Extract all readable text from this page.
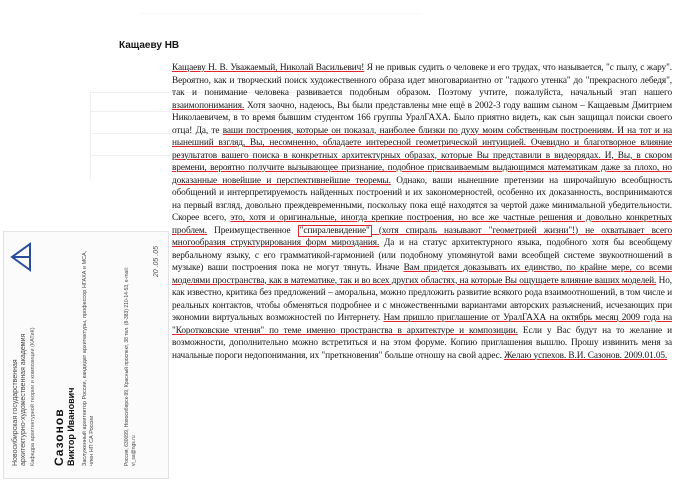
……………………………………………………………………………………………………………………………
Кащаеву НВ

Кащаеву Н. В. Уважаемый, Николай Васильевич! Я не привык судить о человеке и его трудах, что называется, "с пылу, с жару". Вероятно, как и творческий поиск художественного образа идет многовариантно от "гадкого утенка" до "прекрасного лебедя", так и понимание человека развивается подобным образом. Поэтому учтите, пожалуйста, начальный этап нашего взаимопонимания. Хотя заочно, надеюсь, Вы были представлены мне ещё в 2002-3 году вашим сыном – Кащаевым Дмитрием Николаевичем, в то время бывшим студентом 166 группы УралГАХА. Было приятно видеть, как сын защищал поиски своего отца! Да, те ваши построения, которые он показал, наиболее близки по духу моим собственным построениям. И на тот и на нынешний взгляд, Вы, несомненно, обладаете интересной геометрической интуицией. Очевидно и благотворное влияние результатов вашего поиска в конкретных архитектурных образах, которые Вы представили в видеорядах. И, Вы, в скором времени, вероятно получите вызывающее признание, подобное присваиваемым выдающимся математикам даже за плохо, но доказанные новейшие и перспективнейшие теоремы. Однако, ваши нынешние претензии на широчайшую всеобщность обобщений и интерпретируемость найденных построений и их закономерностей, особенно их доказанность, воспринимаются на первый взгляд, довольно преждевременными, поскольку пока ещё находятся за чертой даже минимальной убедительности. Скорее всего, это, хотя и оригинальные, иногда крепкие построения, но все же частные решения и довольно конкретных проблем. Преимущественное "спиралевидение" (хотя спираль называют "геометрией жизни"!) не охватывает всего многообразия структурирования форм мироздания. Да и на статус архитектурного языка, подобного хотя бы всеобщему вербальному языку, с его грамматикой-гармонией (или подобному упомянутой вами всеобщей системе звукоотношений в музыке) ваши построения пока не могут тянуть. Иначе Вам придется доказывать их единство, по крайне мере, со всеми моделями пространства, как в математике, так и во всех других областях, на которые Вы ощущаете влияние ваших моделей. Но, как известно, критика без предложений – аморальна, можно предложить развитие всякого рода взаимоотношений, в том числе и реальных контактов, чтобы обменяться подробнее и с множественными вариантами авторских разъяснений, исчезающих при экономии виртуальных возможностей по Интернету. Нам пришло приглашение от УралГАХА на октябрь месяц 2009 года на "Коротковские чтения" по теме именно пространства в архитектуре и композиции. Если у Вас будут на то желание и возможности, дополнительно можно встретиться и на этом форуме. Копию приглашения вышлю. Прошу извинить меня за начальные пороги недопонимания, их "преткновения" больше отношу на свой адрес. Желаю успехов. В.И. Сазонов. 2009.01.05.

Новосибирская государственная архитектурно-художественная академия Кафедра архитектурной теории и композиции (КАТиК) Сазонов Виктор Иванович Заслуженный архитектор России, кандидат архитектуры, профессор НГАХА и МСА, член НП СА России	Россия, 630099, Новосибирск-99, Красный проспект, 38 тел. (8-383) 210-14-53, e-mail: vi_sa@ngs.ru
20 .05 .05
